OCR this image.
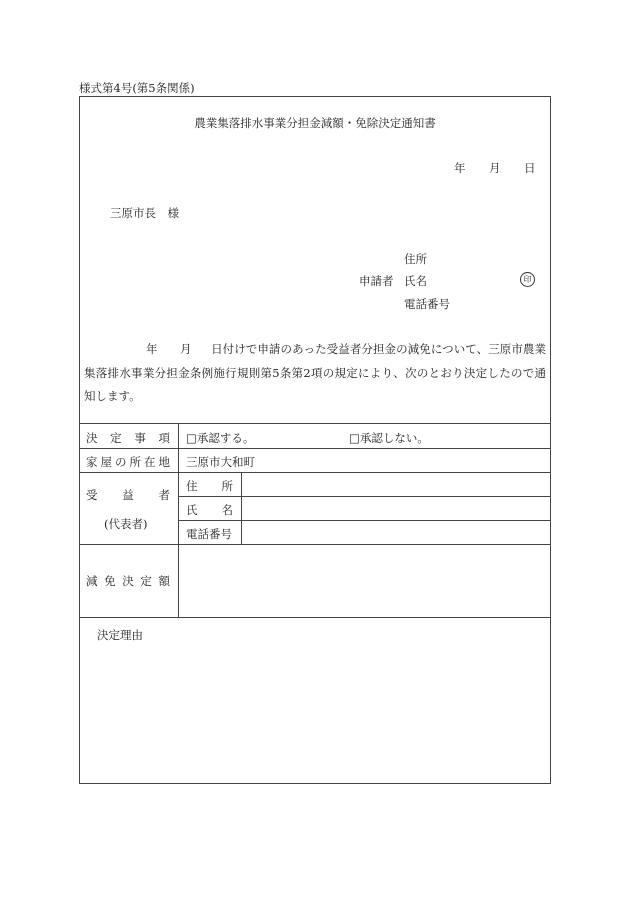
様式第4号(第5条関係)
農業集落排水事業分担金減額・免除決定通知書
年 月 日
三原市長　様
住所
申請者 氏名	印
電話番号
年 月	日付けで申請のあった受益者分担金の減免について、三原市農業集落排水事業分担金条例施行規則第5条第2項の規定により、次のとおり決定したので通知します。
決 定 事 項 □承認する。	□承認しない。
家 屋 の 所 在 地 三原市大和町
受 益 者
(代表者)
住 所
氏 名
電話番号
減 免 決 定 額
決定理由
